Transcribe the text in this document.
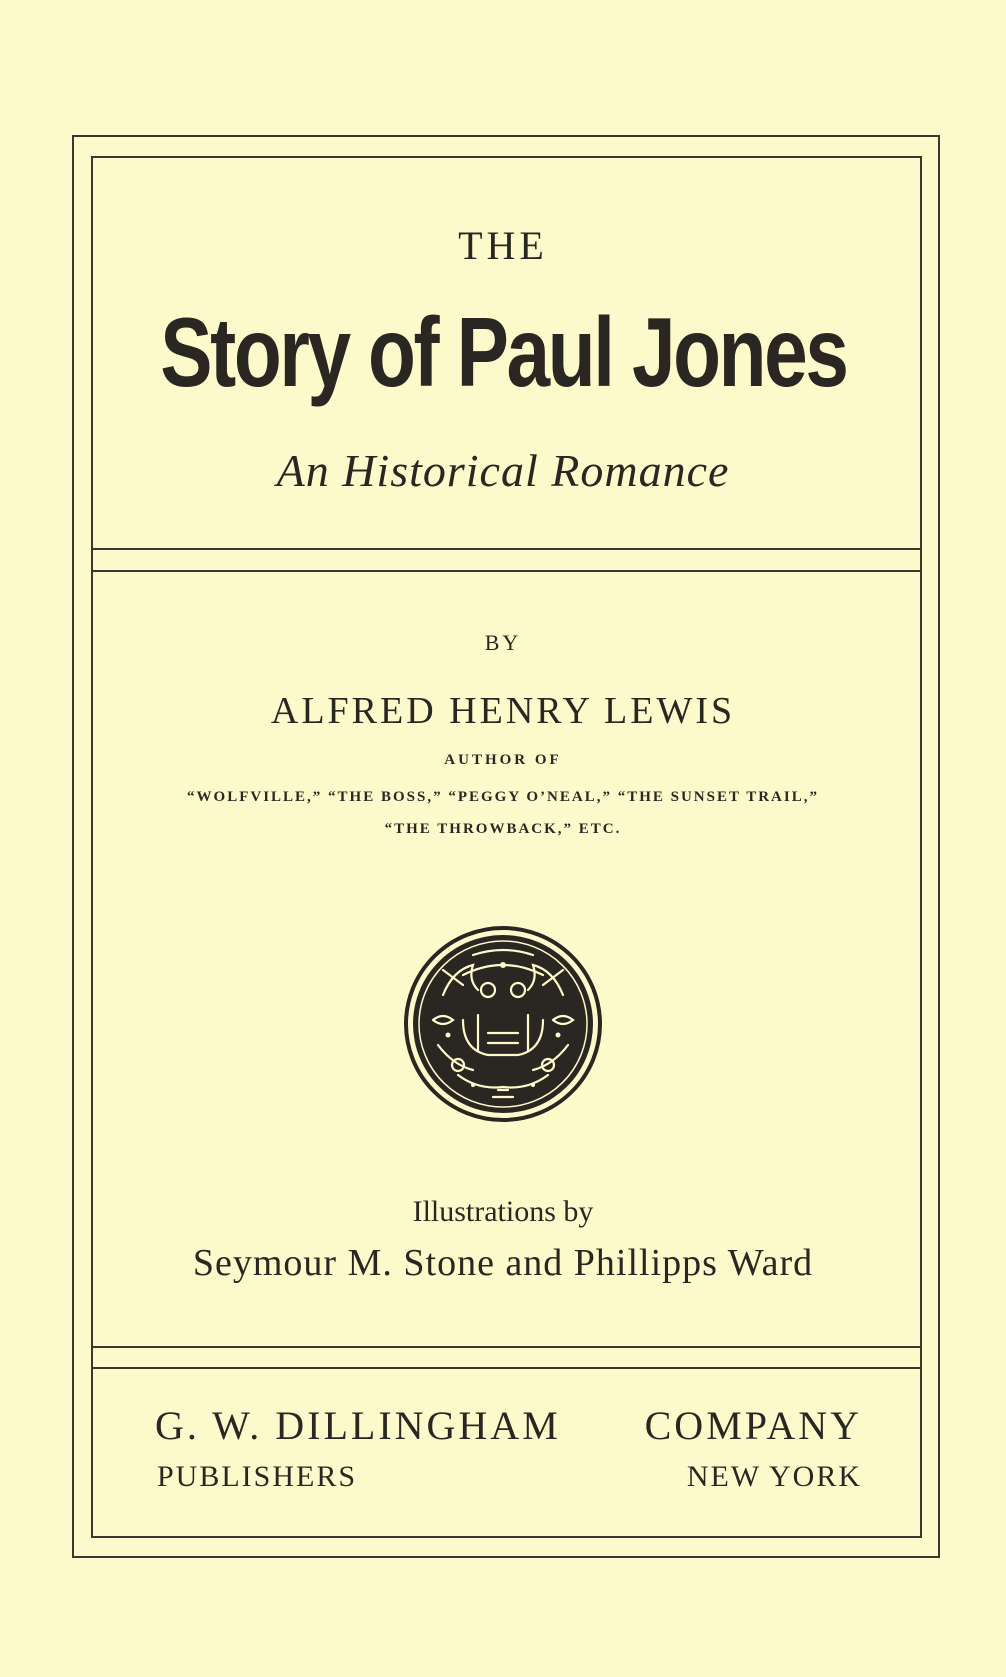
THE

Story of Paul Jones

An Historical Romance

BY

ALFRED HENRY LEWIS

AUTHOR OF

“WOLFVILLE,” “THE BOSS,” “PEGGY O’NEAL,” “THE SUNSET TRAIL,”

“THE THROWBACK,” ETC.

Illustrations by

Seymour M. Stone and Phillipps Ward

G. W. DILLINGHAM COMPANY
PUBLISHERS	NEW YORK
